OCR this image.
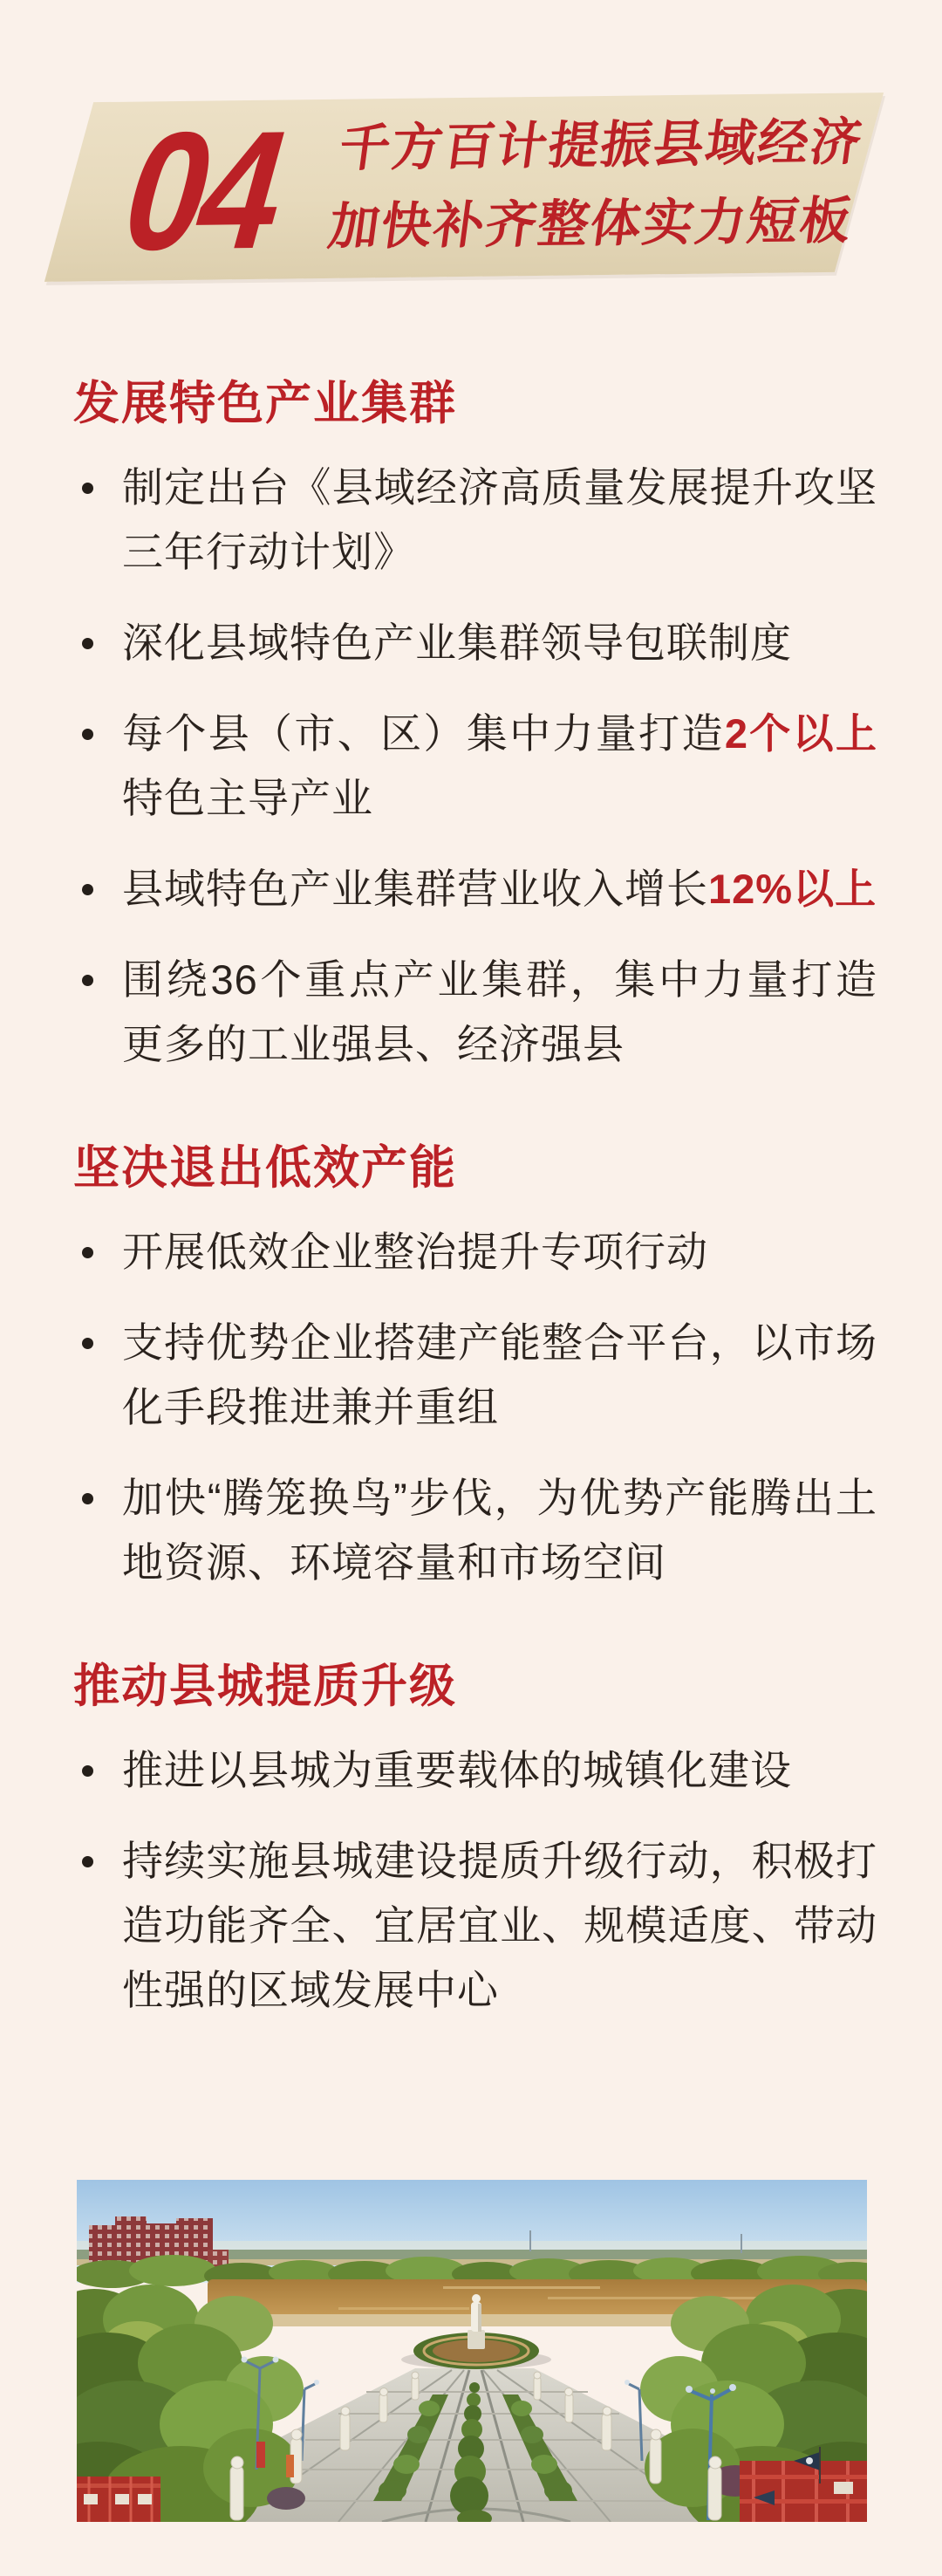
04 千方百计提振县域经济
加快补齐整体实力短板
发展特色产业集群
制定出台《县域经济高质量发展提升攻坚三年行动计划》
深化县域特色产业集群领导包联制度
每个县（市、区）集中力量打造2个以上特色主导产业
县域特色产业集群营业收入增长12%以上
围绕36个重点产业集群，集中力量打造更多的工业强县、经济强县
坚决退出低效产能
开展低效企业整治提升专项行动
支持优势企业搭建产能整合平台，以市场化手段推进兼并重组
加快“腾笼换鸟”步伐，为优势产能腾出土地资源、环境容量和市场空间
推动县城提质升级
推进以县城为重要载体的城镇化建设
持续实施县城建设提质升级行动，积极打造功能齐全、宜居宜业、规模适度、带动性强的区域发展中心
